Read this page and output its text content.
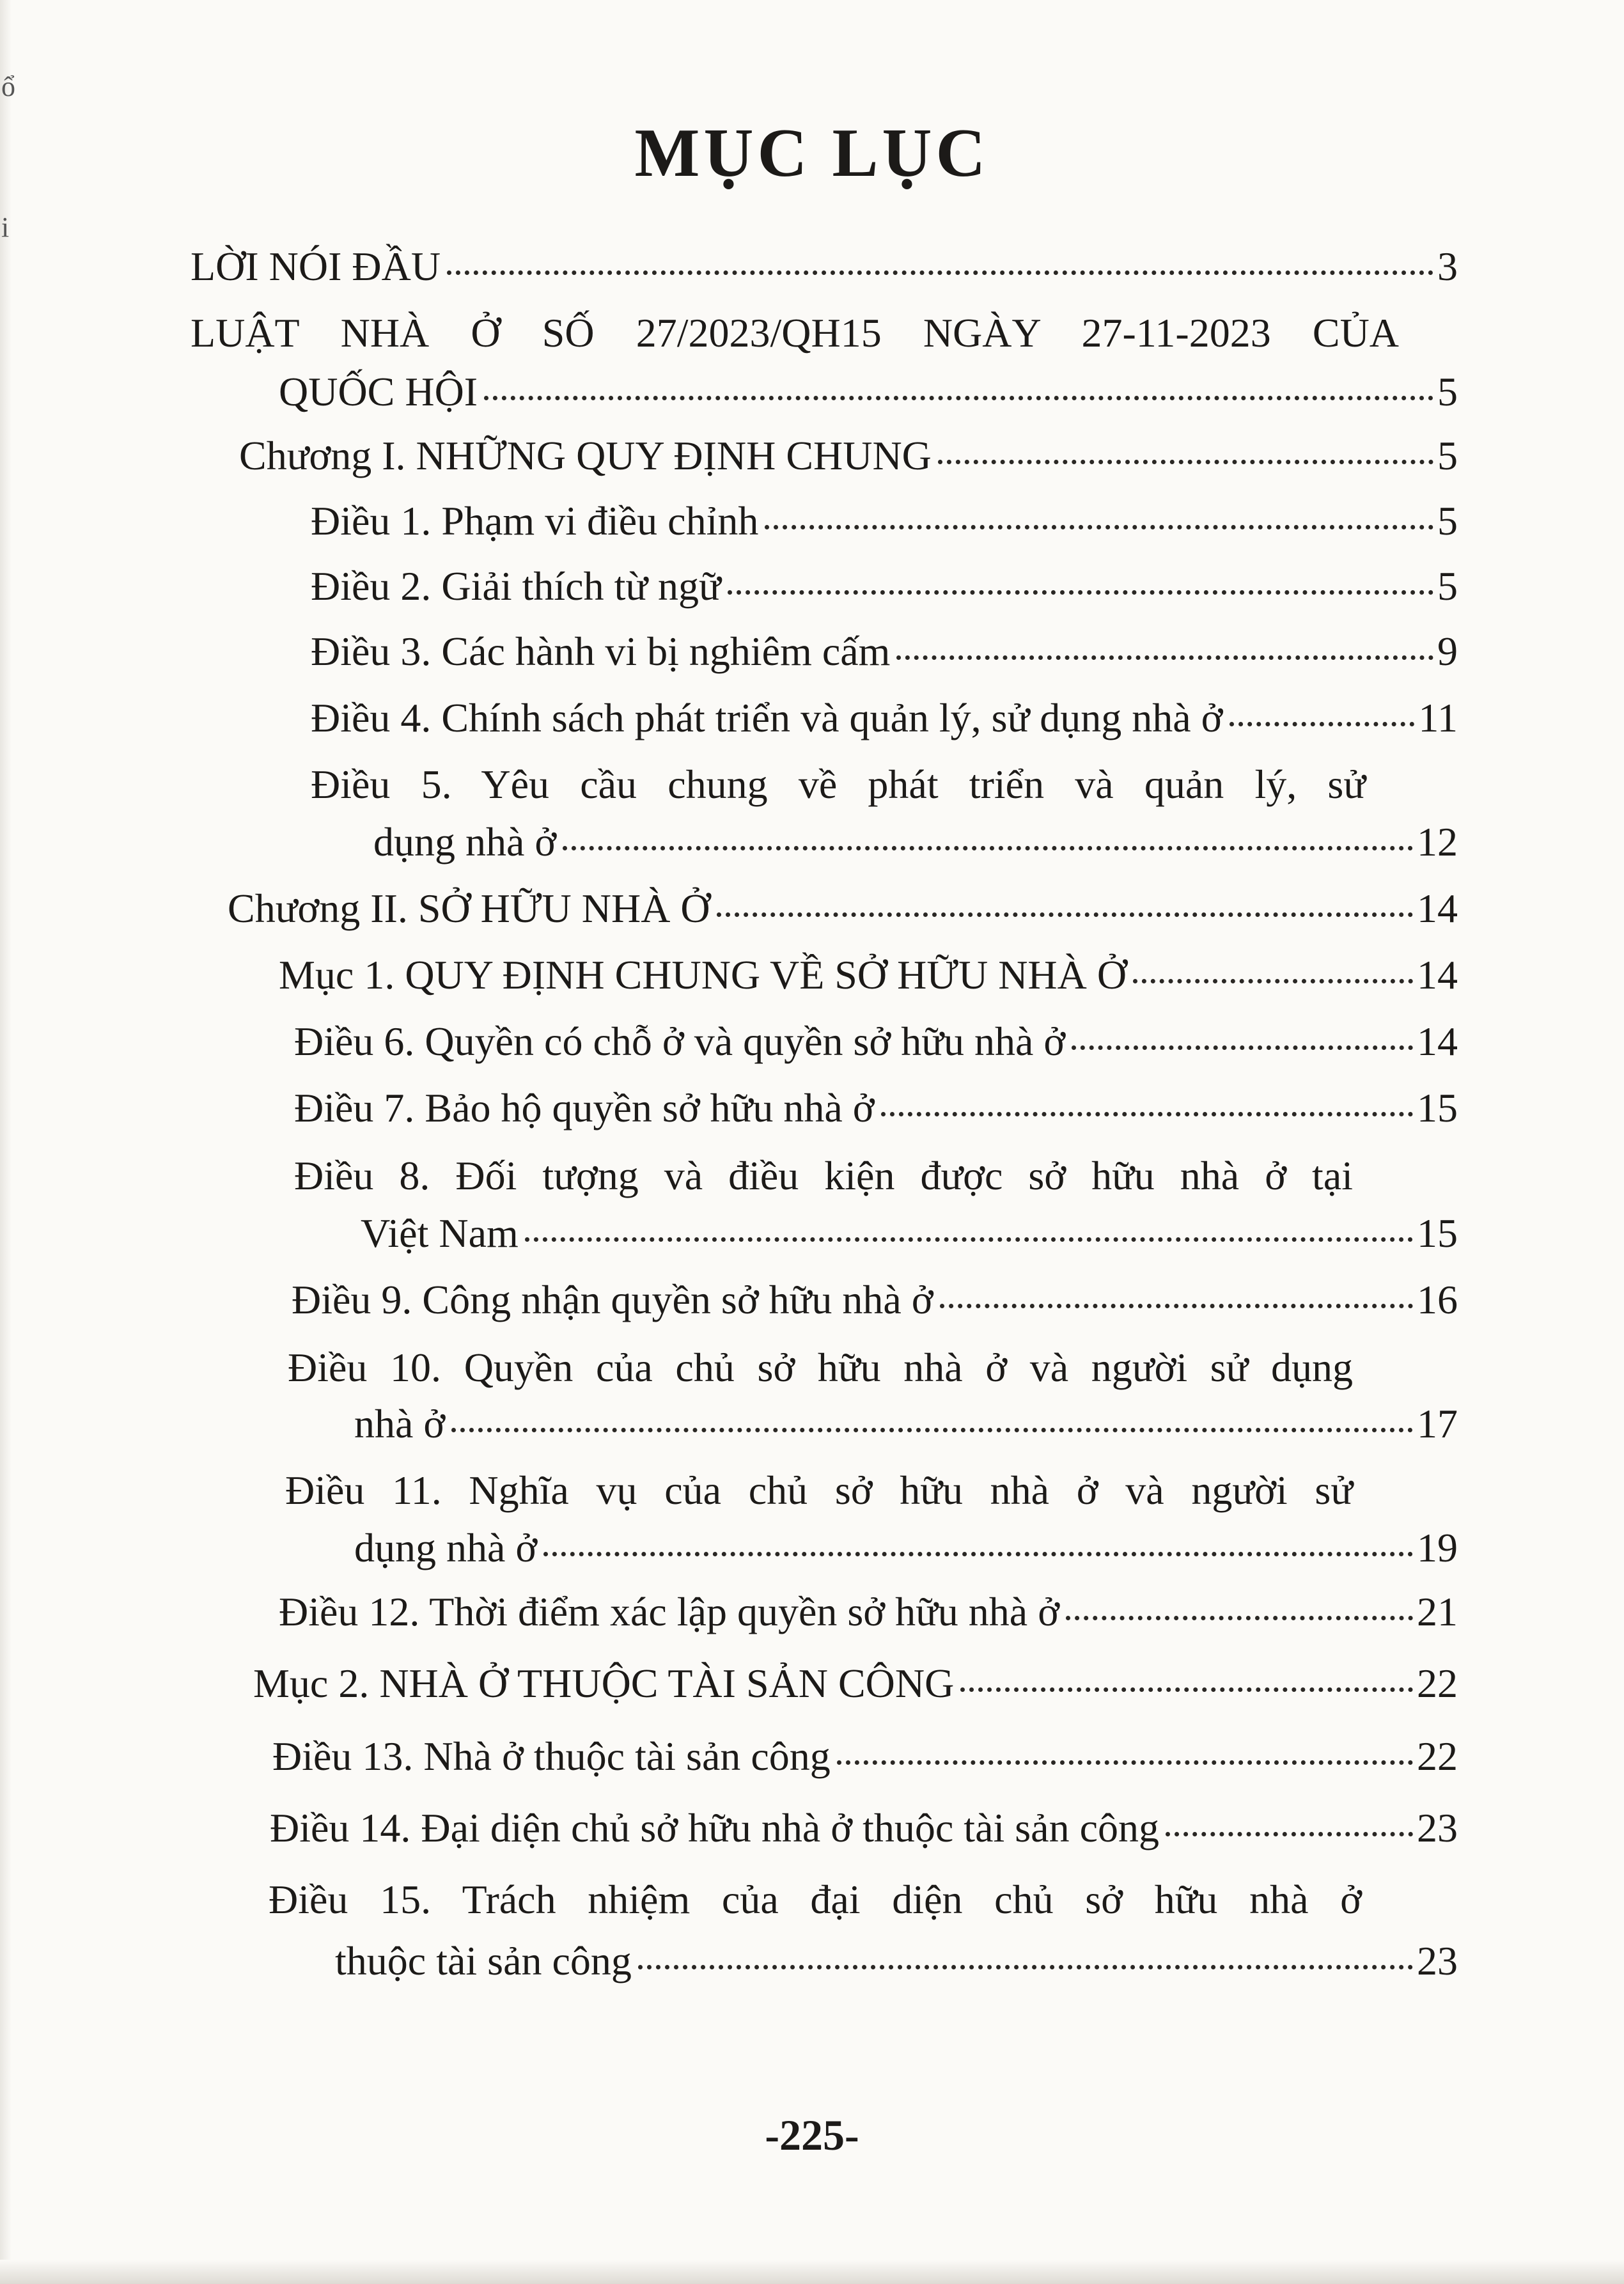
ổ
i
MỤC LỤC
LỜI NÓI ĐẦU	3
LUẬT NHÀ Ở SỐ 27/2023/QH15 NGÀY 27-11-2023 CỦA
QUỐC HỘI	5
Chương I. NHỮNG QUY ĐỊNH CHUNG	5
Điều 1. Phạm vi điều chỉnh	5
Điều 2. Giải thích từ ngữ	5
Điều 3. Các hành vi bị nghiêm cấm	9
Điều 4. Chính sách phát triển và quản lý, sử dụng nhà ở	11
Điều 5. Yêu cầu chung về phát triển và quản lý, sử
dụng nhà ở	12
Chương II. SỞ HỮU NHÀ Ở	14
Mục 1. QUY ĐỊNH CHUNG VỀ SỞ HỮU NHÀ Ở	14
Điều 6. Quyền có chỗ ở và quyền sở hữu nhà ở	14
Điều 7. Bảo hộ quyền sở hữu nhà ở	15
Điều 8. Đối tượng và điều kiện được sở hữu nhà ở tại
Việt Nam	15
Điều 9. Công nhận quyền sở hữu nhà ở	16
Điều 10. Quyền của chủ sở hữu nhà ở và người sử dụng
nhà ở	17
Điều 11. Nghĩa vụ của chủ sở hữu nhà ở và người sử
dụng nhà ở	19
Điều 12. Thời điểm xác lập quyền sở hữu nhà ở	21
Mục 2. NHÀ Ở THUỘC TÀI SẢN CÔNG	22
Điều 13. Nhà ở thuộc tài sản công	22
Điều 14. Đại diện chủ sở hữu nhà ở thuộc tài sản công	23
Điều 15. Trách nhiệm của đại diện chủ sở hữu nhà ở
thuộc tài sản công	23
-225-
